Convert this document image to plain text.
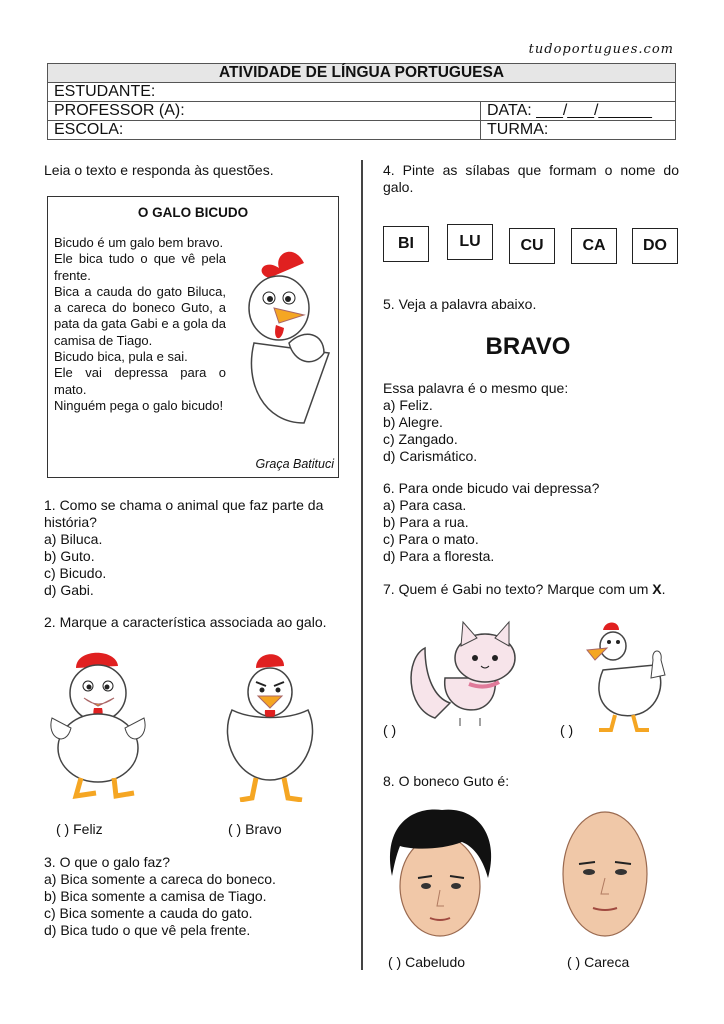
tudoportugues.com
ATIVIDADE DE LÍNGUA PORTUGUESA	
ESTUDANTE:	
PROFESSOR (A):	DATA: ___/___/______
ESCOLA:	TURMA:
Leia o texto e responda às questões.
O GALO BICUDO
Bicudo é um galo bem bravo.
Ele bica tudo o que vê pela frente.
Bica a cauda do gato Biluca, a careca do boneco Guto, a pata da gata Gabi e a gola da camisa de Tiago.
Bicudo bica, pula e sai.
Ele vai depressa para o mato.
Ninguém pega o galo bicudo!
Graça Batituci
1. Como se chama o animal que faz parte da história?
a) Biluca.
b) Guto.
c) Bicudo.
d) Gabi.
2. Marque a característica associada ao galo.
( ) Feliz	( ) Bravo
3. O que o galo faz?
a) Bica somente a careca do boneco.
b) Bica somente a camisa de Tiago.
c) Bica somente a cauda do gato.
d) Bica tudo o que vê pela frente.
4. Pinte as sílabas que formam o nome do galo.
BI	LU	CU	CA	DO
5. Veja a palavra abaixo.
BRAVO
Essa palavra é o mesmo que:
a) Feliz.
b) Alegre.
c) Zangado.
d) Carismático.
6. Para onde bicudo vai depressa?
a) Para casa.
b) Para a rua.
c) Para o mato.
d) Para a floresta.
7. Quem é Gabi no texto? Marque com um X.
( )	( )
8. O boneco Guto é:
( ) Cabeludo	( ) Careca
